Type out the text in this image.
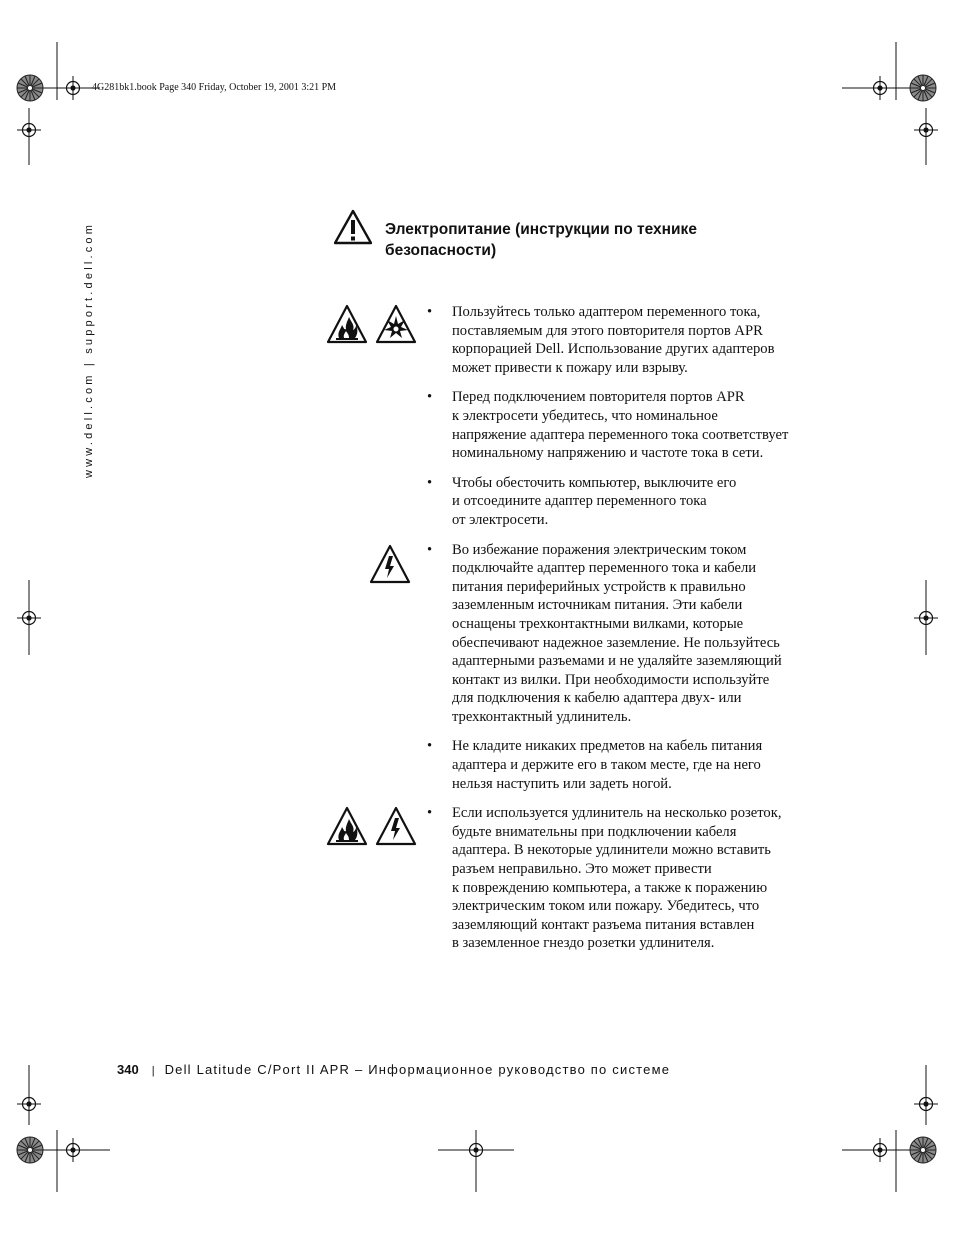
4G281bk1.book Page 340 Friday, October 19, 2001 3:21 PM
www.dell.com | support.dell.com	Электропитание (инструкции по технике безопасности)

• Пользуйтесь только адаптером переменного тока,
поставляемым для этого повторителя портов APR
корпорацией Dell. Использование других адаптеров
может привести к пожару или взрыву.
• Перед подключением повторителя портов APR
к электросети убедитесь, что номинальное
напряжение адаптера переменного тока соответствует
номинальному напряжению и частоте тока в сети.
• Чтобы обесточить компьютер, выключите его
и отсоедините адаптер переменного тока
от электросети.
• Во избежание поражения электрическим током
подключайте адаптер переменного тока и кабели
питания периферийных устройств к правильно
заземленным источникам питания. Эти кабели
оснащены трехконтактными вилками, которые
обеспечивают надежное заземление. Не пользуйтесь
адаптерными разъемами и не удаляйте заземляющий
контакт из вилки. При необходимости используйте
для подключения к кабелю адаптера двух- или
трехконтактный удлинитель.
• Не кладите никаких предметов на кабель питания
адаптера и держите его в таком месте, где на него
нельзя наступить или задеть ногой.
• Если используется удлинитель на несколько розеток,
будьте внимательны при подключении кабеля
адаптера. В некоторые удлинители можно вставить
разъем неправильно. Это может привести
к повреждению компьютера, а также к поражению
электрическим током или пожару. Убедитесь, что
заземляющий контакт разъема питания вставлен
в заземленное гнездо розетки удлинителя.
340 | Dell Latitude C/Port II APR – Информационное руководство по системе
